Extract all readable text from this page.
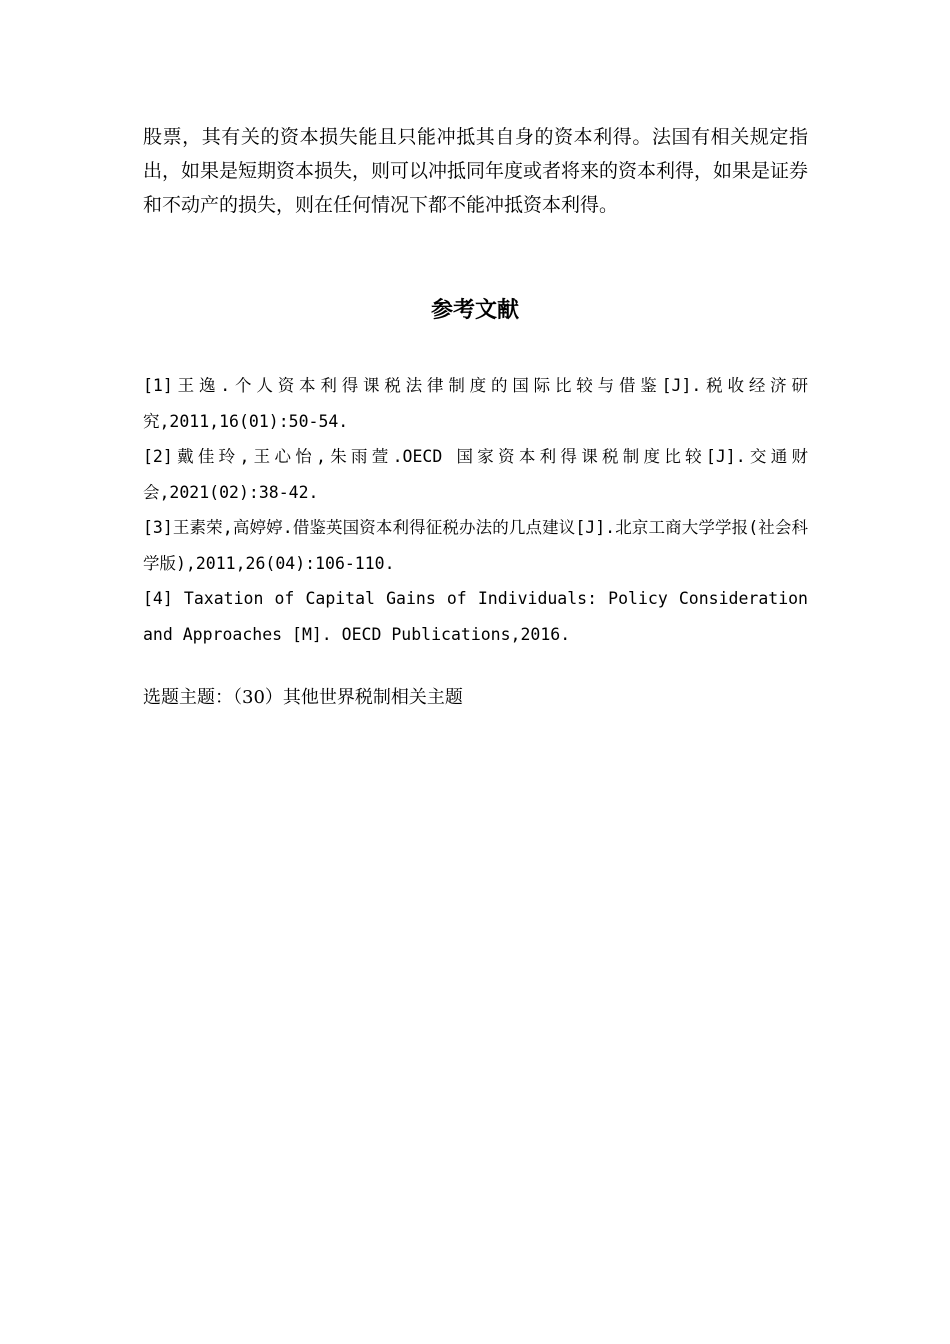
股票，其有关的资本损失能且只能冲抵其自身的资本利得。法国有相关规定指出，如果是短期资本损失，则可以冲抵同年度或者将来的资本利得，如果是证券和不动产的损失，则在任何情况下都不能冲抵资本利得。

参考文献
[1]王逸.个人资本利得课税法律制度的国际比较与借鉴[J].税收经济研究,2011,16(01):50-54.
[2]戴佳玲,王心怡,朱雨萱.OECD 国家资本利得课税制度比较[J].交通财会,2021(02):38-42.
[3]王素荣,高婷婷.借鉴英国资本利得征税办法的几点建议[J].北京工商大学学报(社会科学版),2011,26(04):106-110.
[4] Taxation of Capital Gains of Individuals: Policy Consideration and Approaches [M]. OECD Publications,2016.

选题主题：（30）其他世界税制相关主题
